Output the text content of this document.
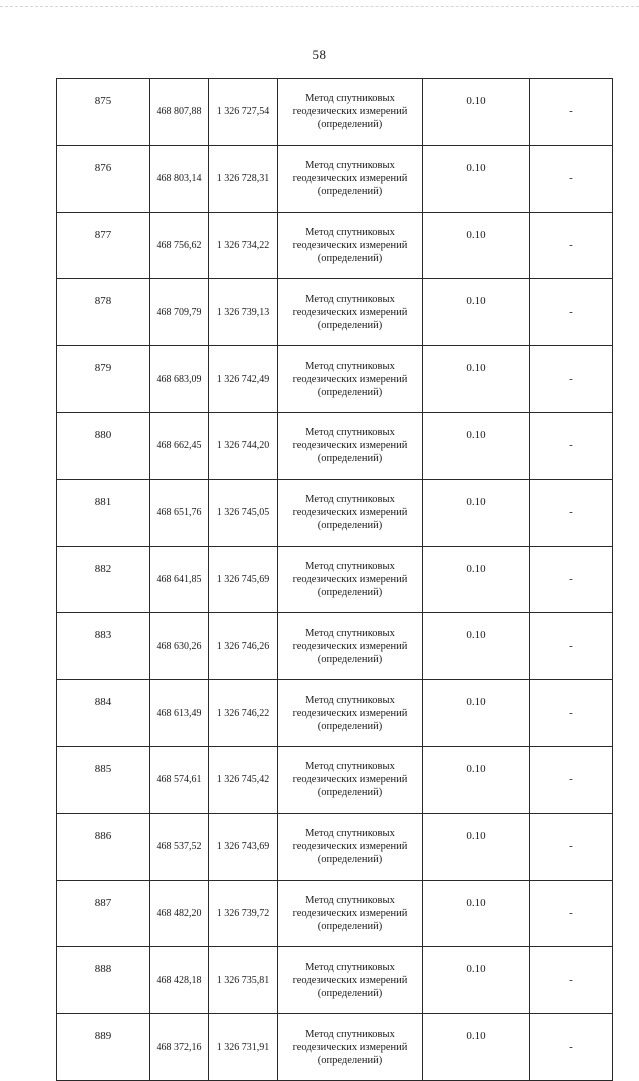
58
875	468 807,88	1 326 727,54	Метод спутниковых
геодезических измерений
(определений)	0.10	-
876	468 803,14	1 326 728,31	Метод спутниковых
геодезических измерений
(определений)	0.10	-
877	468 756,62	1 326 734,22	Метод спутниковых
геодезических измерений
(определений)	0.10	-
878	468 709,79	1 326 739,13	Метод спутниковых
геодезических измерений
(определений)	0.10	-
879	468 683,09	1 326 742,49	Метод спутниковых
геодезических измерений
(определений)	0.10	-
880	468 662,45	1 326 744,20	Метод спутниковых
геодезических измерений
(определений)	0.10	-
881	468 651,76	1 326 745,05	Метод спутниковых
геодезических измерений
(определений)	0.10	-
882	468 641,85	1 326 745,69	Метод спутниковых
геодезических измерений
(определений)	0.10	-
883	468 630,26	1 326 746,26	Метод спутниковых
геодезических измерений
(определений)	0.10	-
884	468 613,49	1 326 746,22	Метод спутниковых
геодезических измерений
(определений)	0.10	-
885	468 574,61	1 326 745,42	Метод спутниковых
геодезических измерений
(определений)	0.10	-
886	468 537,52	1 326 743,69	Метод спутниковых
геодезических измерений
(определений)	0.10	-
887	468 482,20	1 326 739,72	Метод спутниковых
геодезических измерений
(определений)	0.10	-
888	468 428,18	1 326 735,81	Метод спутниковых
геодезических измерений
(определений)	0.10	-
889	468 372,16	1 326 731,91	Метод спутниковых
геодезических измерений
(определений)	0.10	-
